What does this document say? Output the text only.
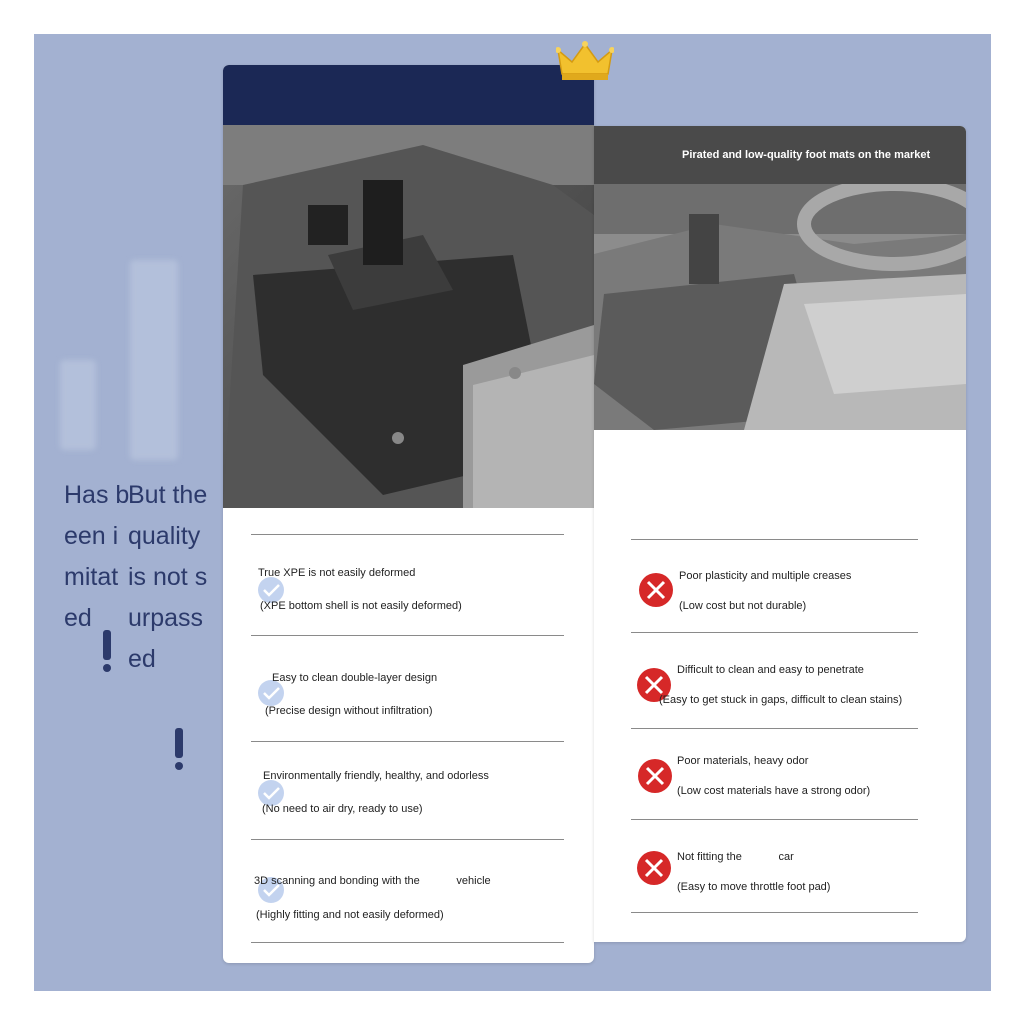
Has been imitated
But the quality is not surpassed
True XPE is not easily deformed
(XPE bottom shell is not easily deformed)
Easy to clean double-layer design
(Precise design without infiltration)
Environmentally friendly, healthy, and odorless
(No need to air dry, ready to use)
3D scanning and bonding with the            vehicle
(Highly fitting and not easily deformed)
Pirated and low-quality foot mats on the market
Poor plasticity and multiple creases
(Low cost but not durable)
Difficult to clean and easy to penetrate
(Easy to get stuck in gaps, difficult to clean stains)
Poor materials, heavy odor
(Low cost materials have a strong odor)
Not fitting the            car
(Easy to move throttle foot pad)
